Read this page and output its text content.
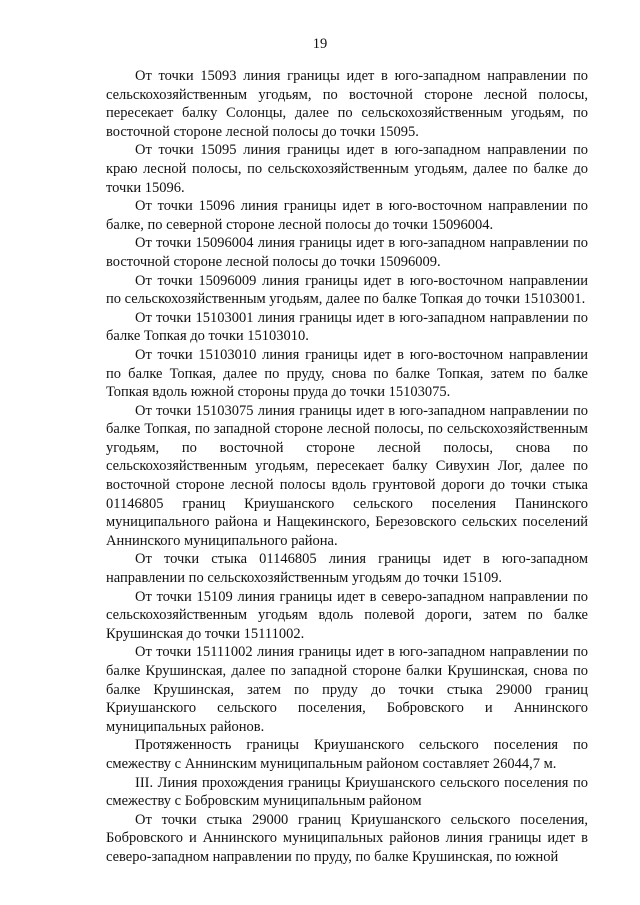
19

От точки 15093 линия границы идет в юго-западном направлении по сельскохозяйственным угодьям, по восточной стороне лесной полосы, пересекает балку Солонцы, далее по сельскохозяйственным угодьям, по восточной стороне лесной полосы до точки 15095.

От точки 15095 линия границы идет в юго-западном направлении по краю лесной полосы, по сельскохозяйственным угодьям, далее по балке до точки 15096.

От точки 15096 линия границы идет в юго-восточном направлении по балке, по северной стороне лесной полосы до точки 15096004.

От точки 15096004 линия границы идет в юго-западном направлении по восточной стороне лесной полосы до точки 15096009.

От точки 15096009 линия границы идет в юго-восточном направлении по сельскохозяйственным угодьям, далее по балке Топкая до точки 15103001.

От точки 15103001 линия границы идет в юго-западном направлении по балке Топкая до точки 15103010.

От точки 15103010 линия границы идет в юго-восточном направлении по балке Топкая, далее по пруду, снова по балке Топкая, затем по балке Топкая вдоль южной стороны пруда до точки 15103075.

От точки 15103075 линия границы идет в юго-западном направлении по балке Топкая, по западной стороне лесной полосы, по сельскохозяйственным угодьям, по восточной стороне лесной полосы, снова по сельскохозяйственным угодьям, пересекает балку Сивухин Лог, далее по восточной стороне лесной полосы вдоль грунтовой дороги до точки стыка 01146805 границ Криушанского сельского поселения Панинского муниципального района и Нащекинского, Березовского сельских поселений Аннинского муниципального района.

От точки стыка 01146805 линия границы идет в юго-западном направлении по сельскохозяйственным угодьям до точки 15109.

От точки 15109 линия границы идет в северо-западном направлении по сельскохозяйственным угодьям вдоль полевой дороги, затем по балке Крушинская до точки 15111002.

От точки 15111002 линия границы идет в юго-западном направлении по балке Крушинская, далее по западной стороне балки Крушинская, снова по балке Крушинская, затем по пруду до точки стыка 29000 границ Криушанского сельского поселения, Бобровского и Аннинского муниципальных районов.

Протяженность границы Криушанского сельского поселения по смежеству с Аннинским муниципальным районом составляет 26044,7 м.

III. Линия прохождения границы Криушанского сельского поселения по смежеству с Бобровским муниципальным районом

От точки стыка 29000 границ Криушанского сельского поселения, Бобровского и Аннинского муниципальных районов линия границы идет в северо-западном направлении по пруду, по балке Крушинская, по южной
